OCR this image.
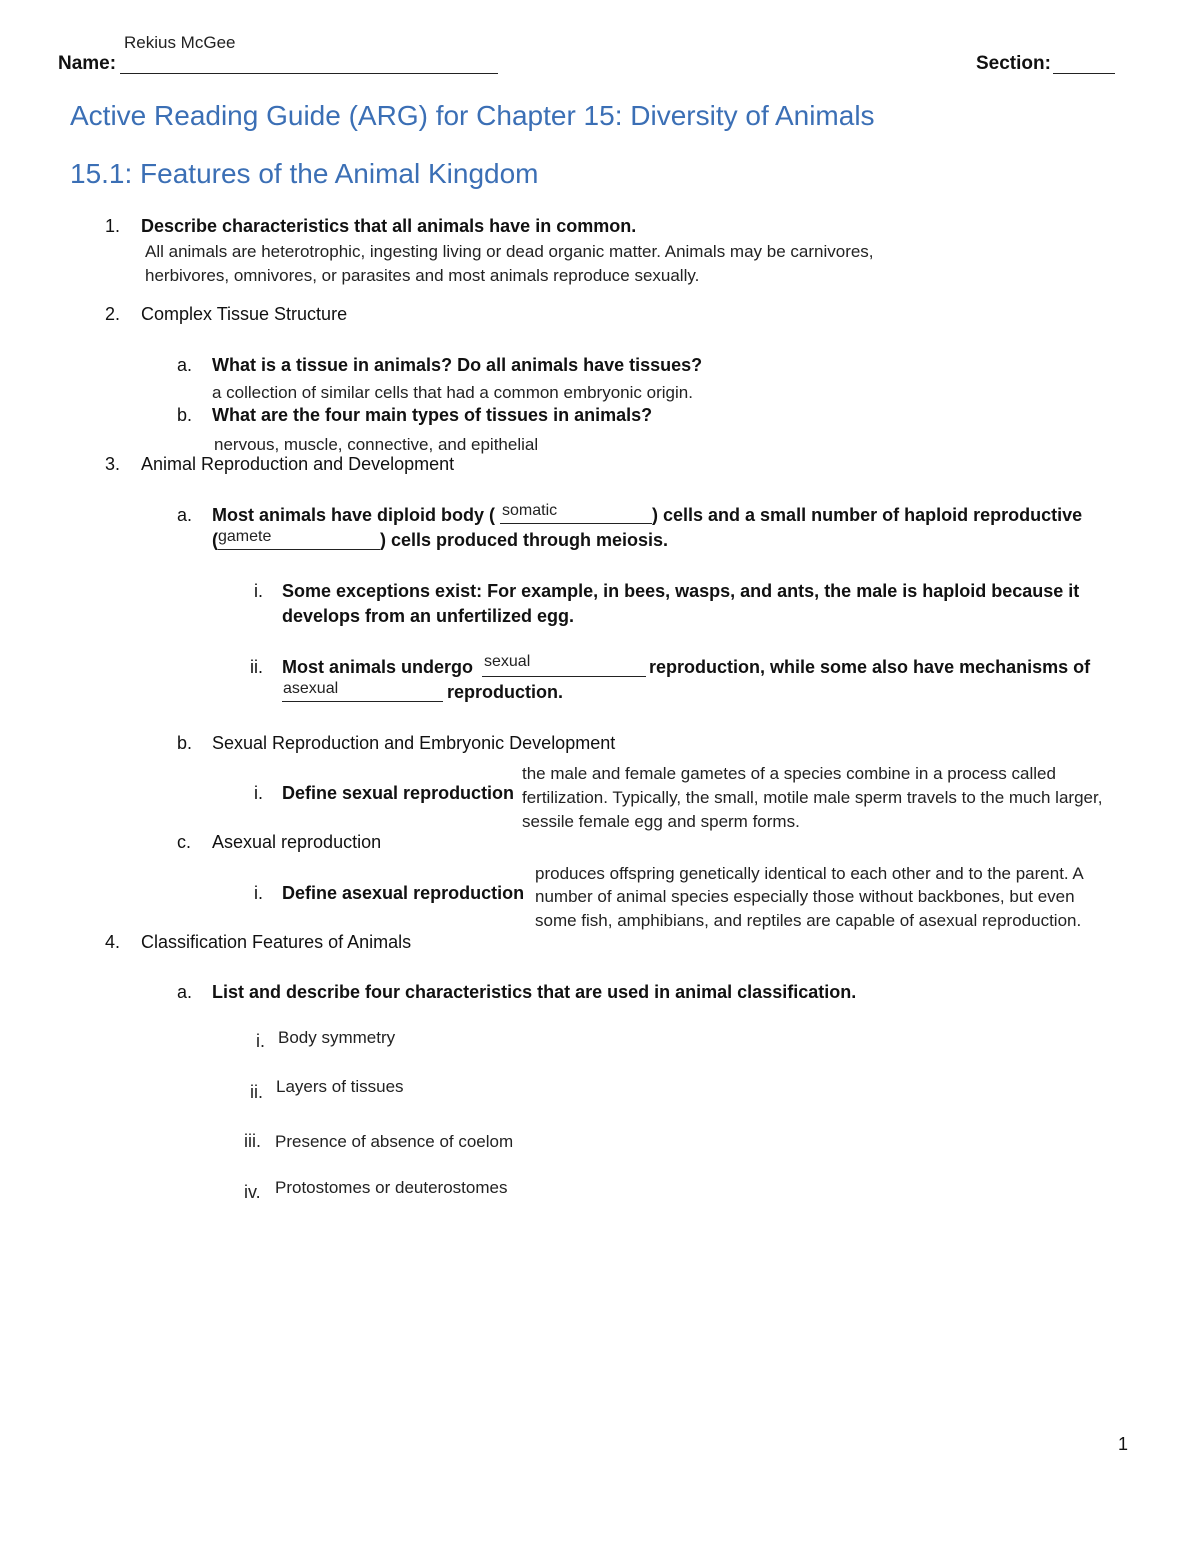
Rekius McGee
Name:	Section:
Active Reading Guide (ARG) for Chapter 15: Diversity of Animals
15.1: Features of the Animal Kingdom
1. Describe characteristics that all animals have in common.
All animals are heterotrophic, ingesting living or dead organic matter. Animals may be carnivores,
herbivores, omnivores, or parasites and most animals reproduce sexually.
2. Complex Tissue Structure
a. What is a tissue in animals? Do all animals have tissues?
a collection of similar cells that had a common embryonic origin.
b. What are the four main types of tissues in animals?
nervous, muscle, connective, and epithelial
3. Animal Reproduction and Development
a. Most animals have diploid body ( somatic	) cells and a small number of haploid reproductive
( gamete	) cells produced through meiosis.
i. Some exceptions exist: For example, in bees, wasps, and ants, the male is haploid because it
develops from an unfertilized egg.
ii. Most animals undergo sexual	reproduction, while some also have mechanisms of
asexual	reproduction.
b. Sexual Reproduction and Embryonic Development
i. Define sexual reproduction
the male and female gametes of a species combine in a process called
fertilization. Typically, the small, motile male sperm travels to the much larger,
sessile female egg and sperm forms.
c. Asexual reproduction
i. Define asexual reproduction
produces offspring genetically identical to each other and to the parent. A
number of animal species especially those without backbones, but even
some fish, amphibians, and reptiles are capable of asexual reproduction.
4. Classification Features of Animals
a. List and describe four characteristics that are used in animal classification.
i. Body symmetry
ii. Layers of tissues
iii. Presence of absence of coelom
iv. Protostomes or deuterostomes
1
